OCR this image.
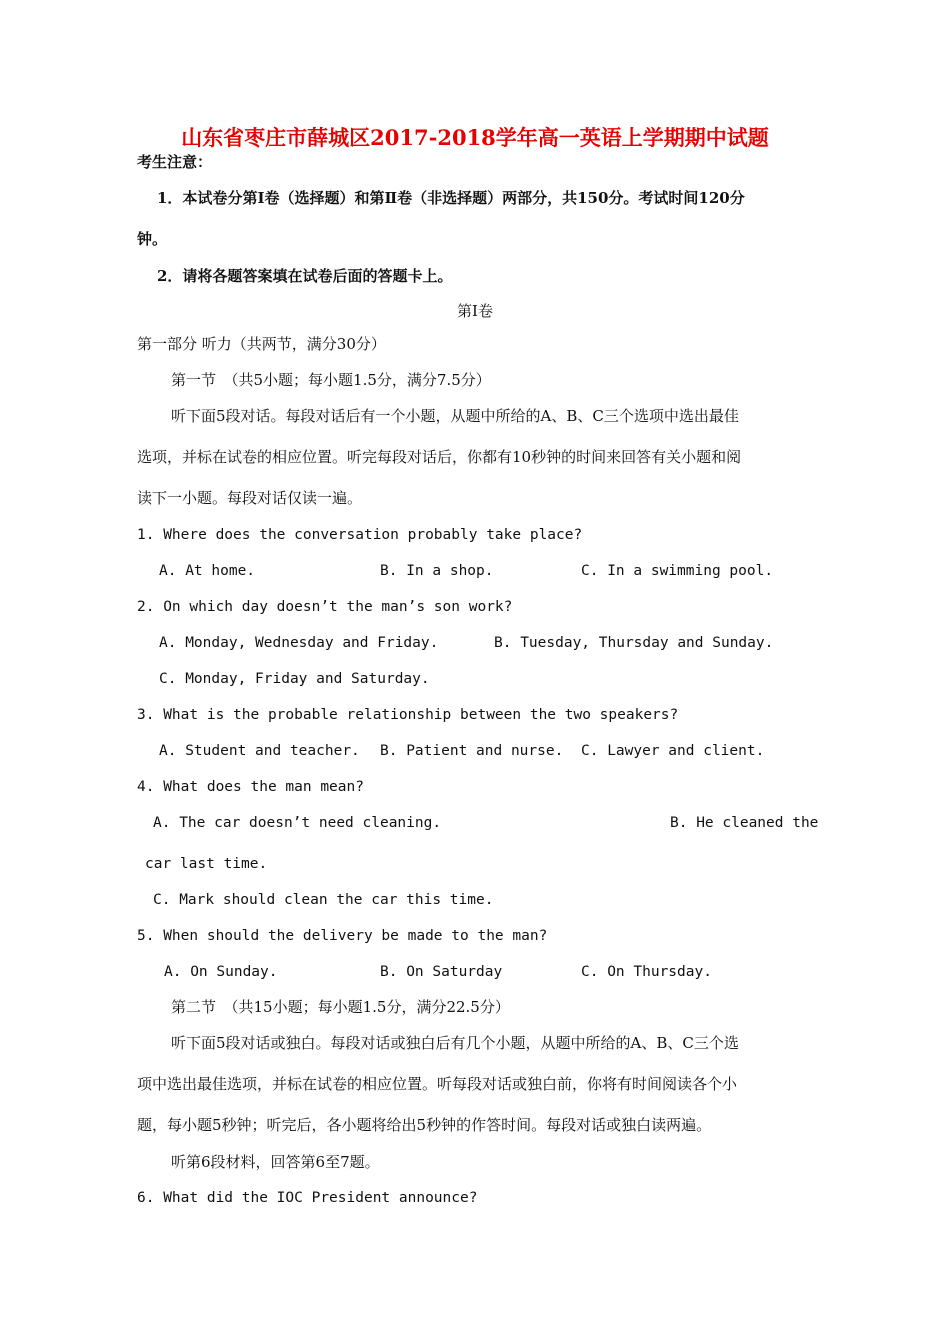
山东省枣庄市薛城区2017-2018学年高一英语上学期期中试题
考生注意：
1．本试卷分第Ⅰ卷（选择题）和第Ⅱ卷（非选择题）两部分，共150分。考试时间120分
钟。
2．请将各题答案填在试卷后面的答题卡上。
第Ⅰ卷
第一部分 听力（共两节，满分30分）
第一节　（共5小题；每小题1.5分，满分7.5分）
听下面5段对话。每段对话后有一个小题，从题中所给的A、B、C三个选项中选出最佳
选项，并标在试卷的相应位置。听完每段对话后，你都有10秒钟的时间来回答有关小题和阅
读下一小题。每段对话仅读一遍。
1. Where does the conversation probably take place?
A. At home.	B. In a shop.	C. In a swimming pool.
2. On which day doesn’t the man’s son work?
A. Monday, Wednesday and Friday.	B. Tuesday, Thursday and Sunday.
C. Monday, Friday and Saturday.
3. What is the probable relationship between the two speakers?
A. Student and teacher. B. Patient and nurse. C. Lawyer and client.
4. What does the man mean?
A. The car doesn’t need cleaning.	B. He cleaned the
car last time.
C. Mark should clean the car this time.
5. When should the delivery be made to the man?
A. On Sunday.	B. On Saturday	C. On Thursday.
第二节　（共15小题；每小题1.5分，满分22.5分）
听下面5段对话或独白。每段对话或独白后有几个小题，从题中所给的A、B、C三个选
项中选出最佳选项，并标在试卷的相应位置。听每段对话或独白前，你将有时间阅读各个小
题，每小题5秒钟；听完后，各小题将给出5秒钟的作答时间。每段对话或独白读两遍。
听第6段材料，回答第6至7题。
6. What did the IOC President announce?
